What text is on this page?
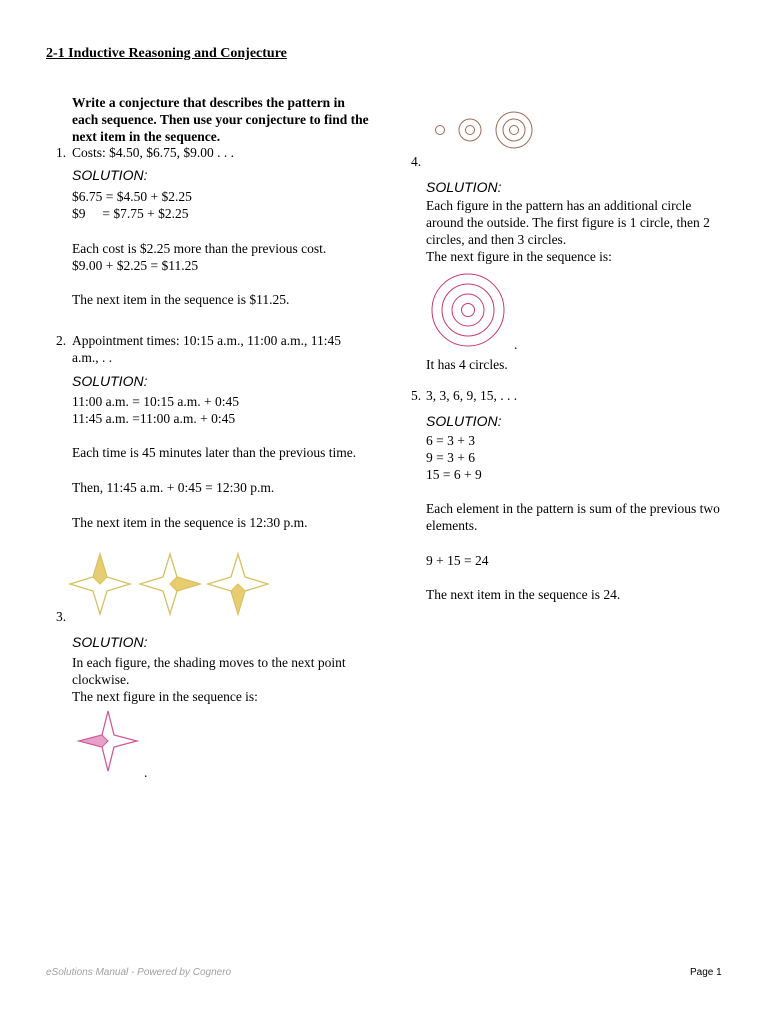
2-1 Inductive Reasoning and Conjecture
Write a conjecture that describes the pattern in each sequence. Then use your conjecture to find the next item in the sequence.
1. Costs: $4.50, $6.75, $9.00 . . .
SOLUTION:
$6.75 = $4.50 + $2.25
$9     = $7.75 + $2.25
Each cost is $2.25 more than the previous cost.
$9.00 + $2.25 = $11.25
The next item in the sequence is $11.25.
2. Appointment times: 10:15 a.m., 11:00 a.m., 11:45
a.m., . .
SOLUTION:
11:00 a.m. = 10:15 a.m. + 0:45
11:45 a.m. =11:00 a.m. + 0:45
Each time is 45 minutes later than the previous time.
Then, 11:45 a.m. + 0:45 = 12:30 p.m.
The next item in the sequence is 12:30 p.m.
3.
SOLUTION:
In each figure, the shading moves to the next point clockwise.
The next figure in the sequence is:
.
4.
SOLUTION:
Each figure in the pattern has an additional circle around the outside. The first figure is 1 circle, then 2 circles, and then 3 circles.
The next figure in the sequence is:
.
It has 4 circles.
5. 3, 3, 6, 9, 15, . . .
SOLUTION:
6 = 3 + 3
9 = 3 + 6
15 = 6 + 9
Each element in the pattern is sum of the previous two elements.
9 + 15 = 24
The next item in the sequence is 24.
eSolutions Manual - Powered by Cognero	Page 1
